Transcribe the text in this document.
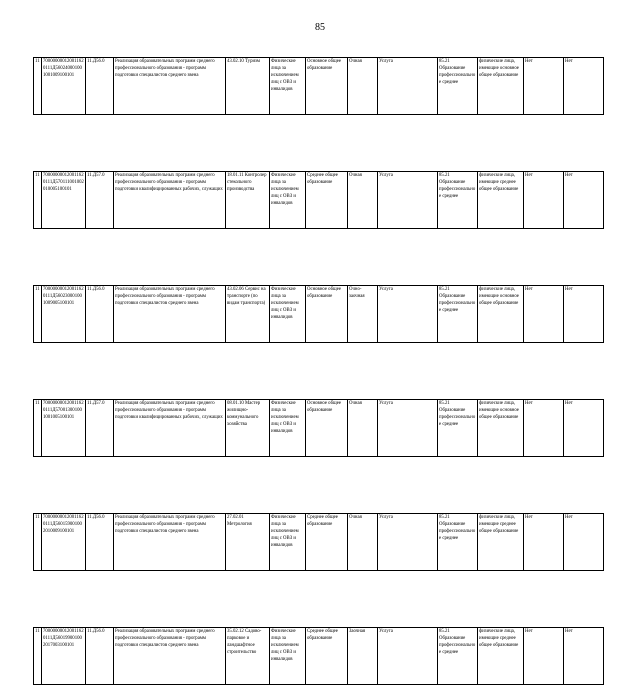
85
11	700000000120011620111Д560240001001001009100101	11.Д56.0	Реализация образовательных программ среднего профессионального образования - программ подготовки специалистов среднего звена	43.02.10 Туризм	Физические лица за исключением лиц с ОВЗ и инвалидов	Основное общее образование	Очная	Услуга	85.21 Образование профессиональное среднее	физические лица, имеющие основное общее образование	Нет	Нет

11	700000000120011620111Д570111001002010005100101	11.Д57.0	Реализация образовательных программ среднего профессионального образования - программ подготовки квалифицированных рабочих, служащих	18.01.11 Контролер стекольного производства	Физические лица за исключением лиц с ОВЗ и инвалидов	Среднее общее образование	Очная	Услуга	85.21 Образование профессиональное среднее	физические лица, имеющие среднее общее образование	Нет	Нет

11	700000000120011620111Д560230001001009005100101	11.Д56.0	Реализация образовательных программ среднего профессионального образования - программ подготовки специалистов среднего звена	43.02.06 Сервис на транспорте (по видам транспорта)	Физические лица за исключением лиц с ОВЗ и инвалидов	Основное общее образование	Очно-заочная	Услуга	85.21 Образование профессиональное среднее	физические лица, имеющие основное общее образование	Нет	Нет

11	700000000120011620111Д570013001001001005100101	11.Д57.0	Реализация образовательных программ среднего профессионального образования - программ подготовки квалифицированных рабочих, служащих	08.01.10 Мастер жилищно-коммунального хозяйства	Физические лица за исключением лиц с ОВЗ и инвалидов	Основное общее образование	Очная	Услуга	85.21 Образование профессиональное среднее	физические лица, имеющие основное общее образование	Нет	Нет

11	700000000120011620111Д560159001002010009100101	11.Д56.0	Реализация образовательных программ среднего профессионального образования - программ подготовки специалистов среднего звена	27.02.01 Метрология	Физические лица за исключением лиц с ОВЗ и инвалидов	Среднее общее образование	Очная	Услуга	85.21 Образование профессиональное среднее	физические лица, имеющие среднее общее образование	Нет	Нет

11	700000000120011620111Д560199001002017003100101	11.Д56.0	Реализация образовательных программ среднего профессионального образования - программ подготовки специалистов среднего звена	35.02.12 Садово-парковое и ландшафтное строительство	Физические лица за исключением лиц с ОВЗ и инвалидов	Среднее общее образование	Заочная	Услуга	85.21 Образование профессиональное среднее	физические лица, имеющие среднее общее образование	Нет	Нет
